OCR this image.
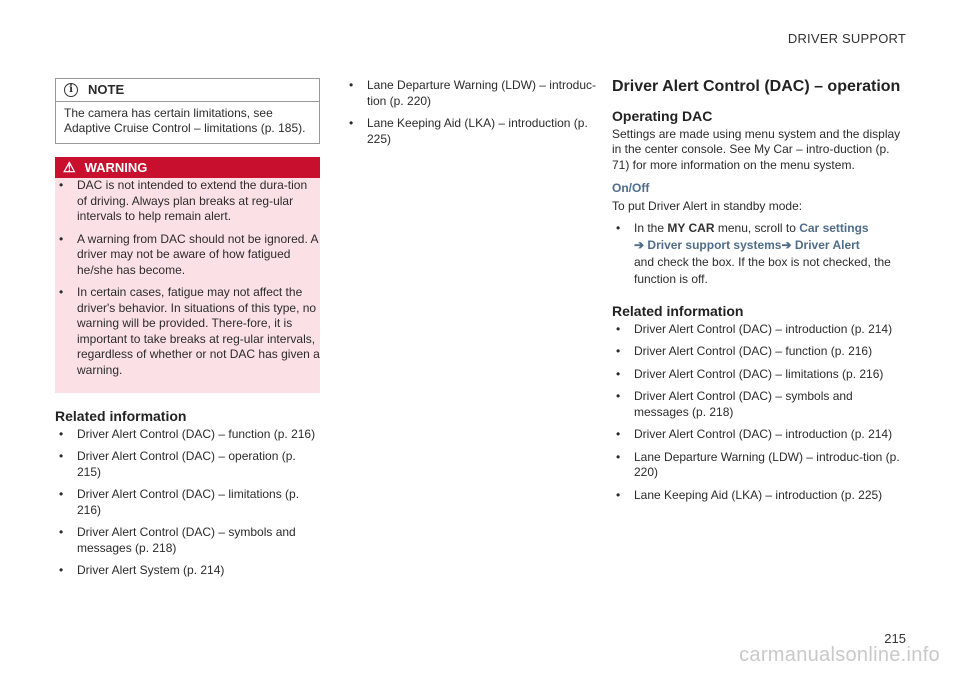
DRIVER SUPPORT
i	NOTE
The camera has certain limitations, see Adaptive Cruise Control – limitations (p. 185).
⚠ WARNING
• DAC is not intended to extend the dura-tion of driving. Always plan breaks at reg-ular intervals to help remain alert.
• A warning from DAC should not be ignored. A driver may not be aware of how fatigued he/she has become.
• In certain cases, fatigue may not affect the driver's behavior. In situations of this type, no warning will be provided. There-fore, it is important to take breaks at reg-ular intervals, regardless of whether or not DAC has given a warning.
Related information
• Driver Alert Control (DAC) – function (p. 216)
• Driver Alert Control (DAC) – operation (p. 215)
• Driver Alert Control (DAC) – limitations (p. 216)
• Driver Alert Control (DAC) – symbols and messages (p. 218)
• Driver Alert System (p. 214)
• Lane Departure Warning (LDW) – introduc-tion (p. 220)
• Lane Keeping Aid (LKA) – introduction (p. 225)
Driver Alert Control (DAC) – operation
Operating DAC

Settings are made using menu system and the display in the center console. See My Car – intro-duction (p. 71) for more information on the menu system.

On/Off

To put Driver Alert in standby mode:

• In the MY CAR menu, scroll to Car settings
➔ Driver support systems➔ Driver Alert
and check the box. If the box is not checked, the function is off.
Related information
• Driver Alert Control (DAC) – introduction (p. 214)
• Driver Alert Control (DAC) – function (p. 216)
• Driver Alert Control (DAC) – limitations (p. 216)
• Driver Alert Control (DAC) – symbols and messages (p. 218)
• Driver Alert Control (DAC) – introduction (p. 214)
• Lane Departure Warning (LDW) – introduc-tion (p. 220)
• Lane Keeping Aid (LKA) – introduction (p. 225)
215
carmanualsonline.info
